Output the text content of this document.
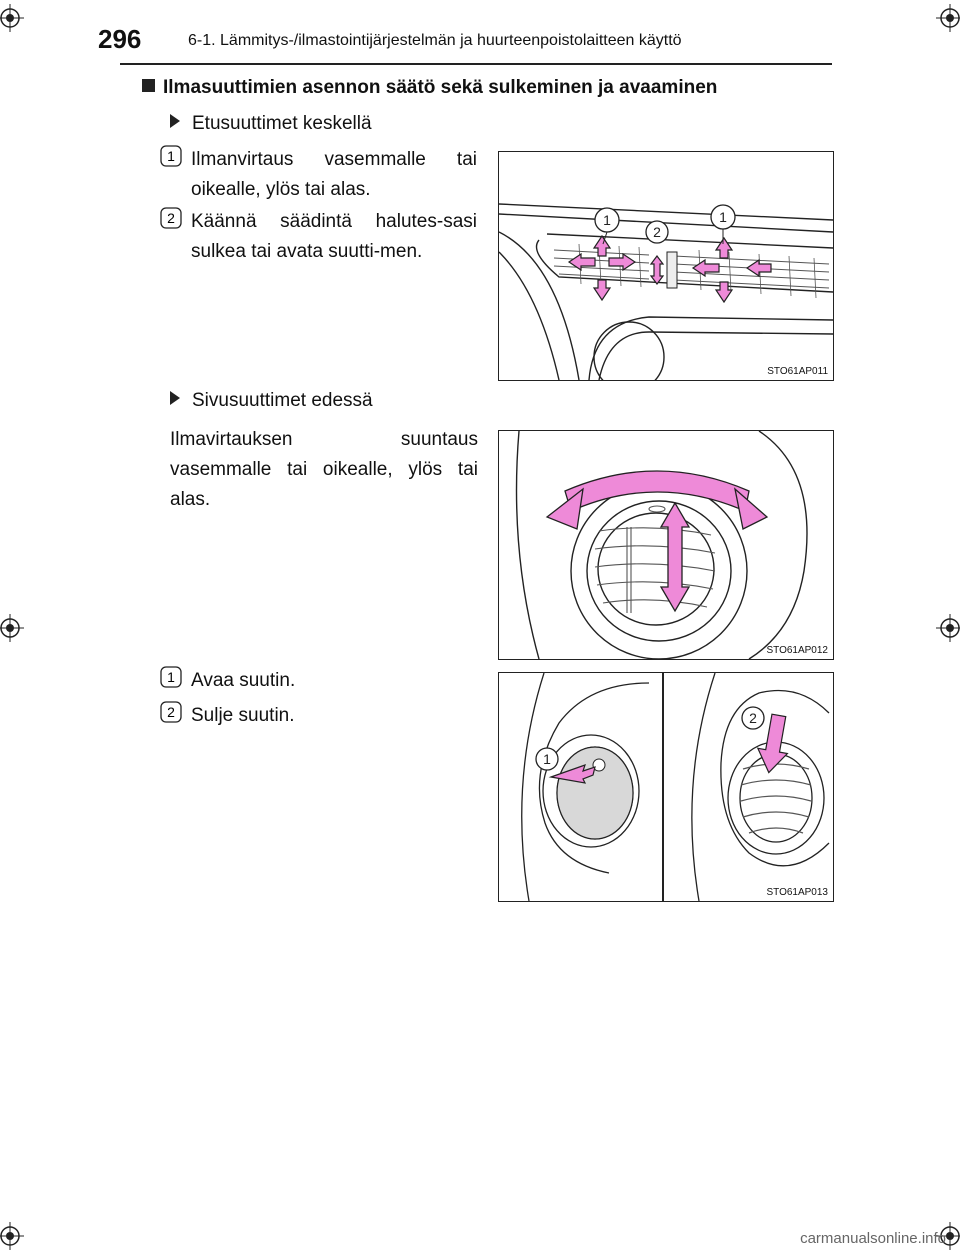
296	6-1. Lämmitys-/ilmastointijärjestelmän ja huurteenpoistolaitteen käyttö
Ilmasuuttimien asennon säätö sekä sulkeminen ja avaaminen
Etusuuttimet keskellä
1 Ilmanvirtaus vasemmalle tai oikealle, ylös tai alas.
2 Käännä säädintä halutes-sasi sulkea tai avata suutti-men.
1
2
1
STO61AP011
Sivusuuttimet edessä
Ilmavirtauksen suuntaus vasemmalle tai oikealle, ylös tai alas.
STO61AP012
1 Avaa suutin.
2 Sulje suutin.
1
2
STO61AP013
carmanualsonline.info
